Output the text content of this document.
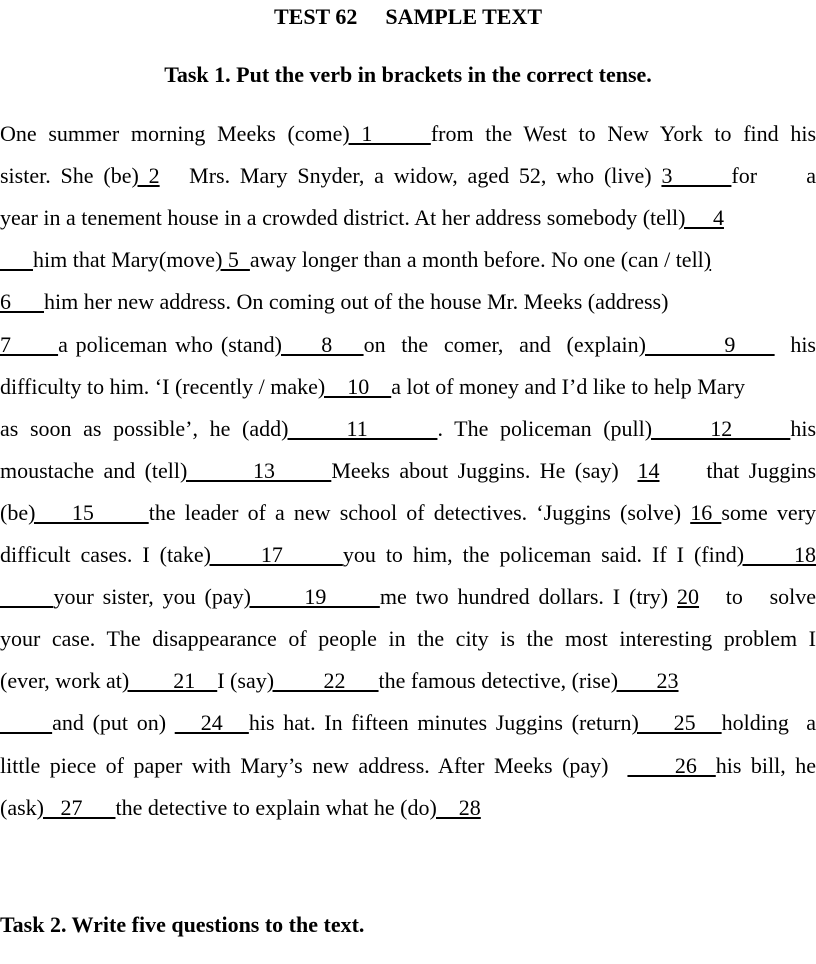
TEST 62 SAMPLE TEXT

Task 1. Put the verb in brackets in the correct tense.

One summer morning Meeks (come) 1     from the West to New York to find his
sister. She (be) 2   Mrs. Mary Snyder, a widow, aged 52, who (live) 3      for     a
year in a tenement house in a crowded district. At her address somebody (tell)     4
him that Mary(move) 5  away longer than a month before. No one (can / tell)
6      him her new address. On coming out of the house Mr. Meeks (address)
7      a policeman who (stand)     8    on  the  comer,  and  (explain)          9       his
difficulty to him. ‘I (recently / make)    10    a lot of money and I’d like to help Mary
as soon as possible’, he (add)     11      . The policeman (pull)     12     his
moustache and (tell)       13      Meeks about Juggins. He (say)  14     that Juggins
(be)    15      the leader of a new school of detectives. ‘Juggins (solve) 16 some very
difficult cases. I (take)     17      you to him, the policeman said. If I (find)     18
your sister, you (pay)      19      me two hundred dollars. I (try) 20   to   solve
your case. The disappearance of people in the city is the most interesting problem I
(ever, work at)        21    I (say)         22      the famous detective, (rise)       23
and (put on)    24   his hat. In fifteen minutes Juggins (return)    25   holding  a
little piece of paper with Mary’s new address. After Meeks (pay)       26  his bill, he
(ask)   27      the detective to explain what he (do)    28

Task 2. Write five questions to the text.
